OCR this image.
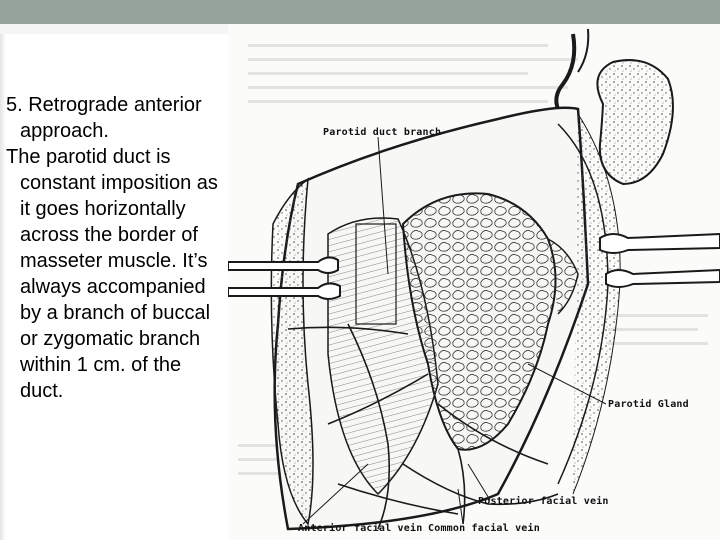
5. Retrograde anterior approach.

The parotid duct is constant imposition as it goes horizontally across the border of masseter muscle. It’s always accompanied by a branch of buccal or zygomatic branch within 1 cm. of the duct.

Parotid duct branch
Parotid Gland
Posterior facial vein
Anterior facial vein Common facial vein
